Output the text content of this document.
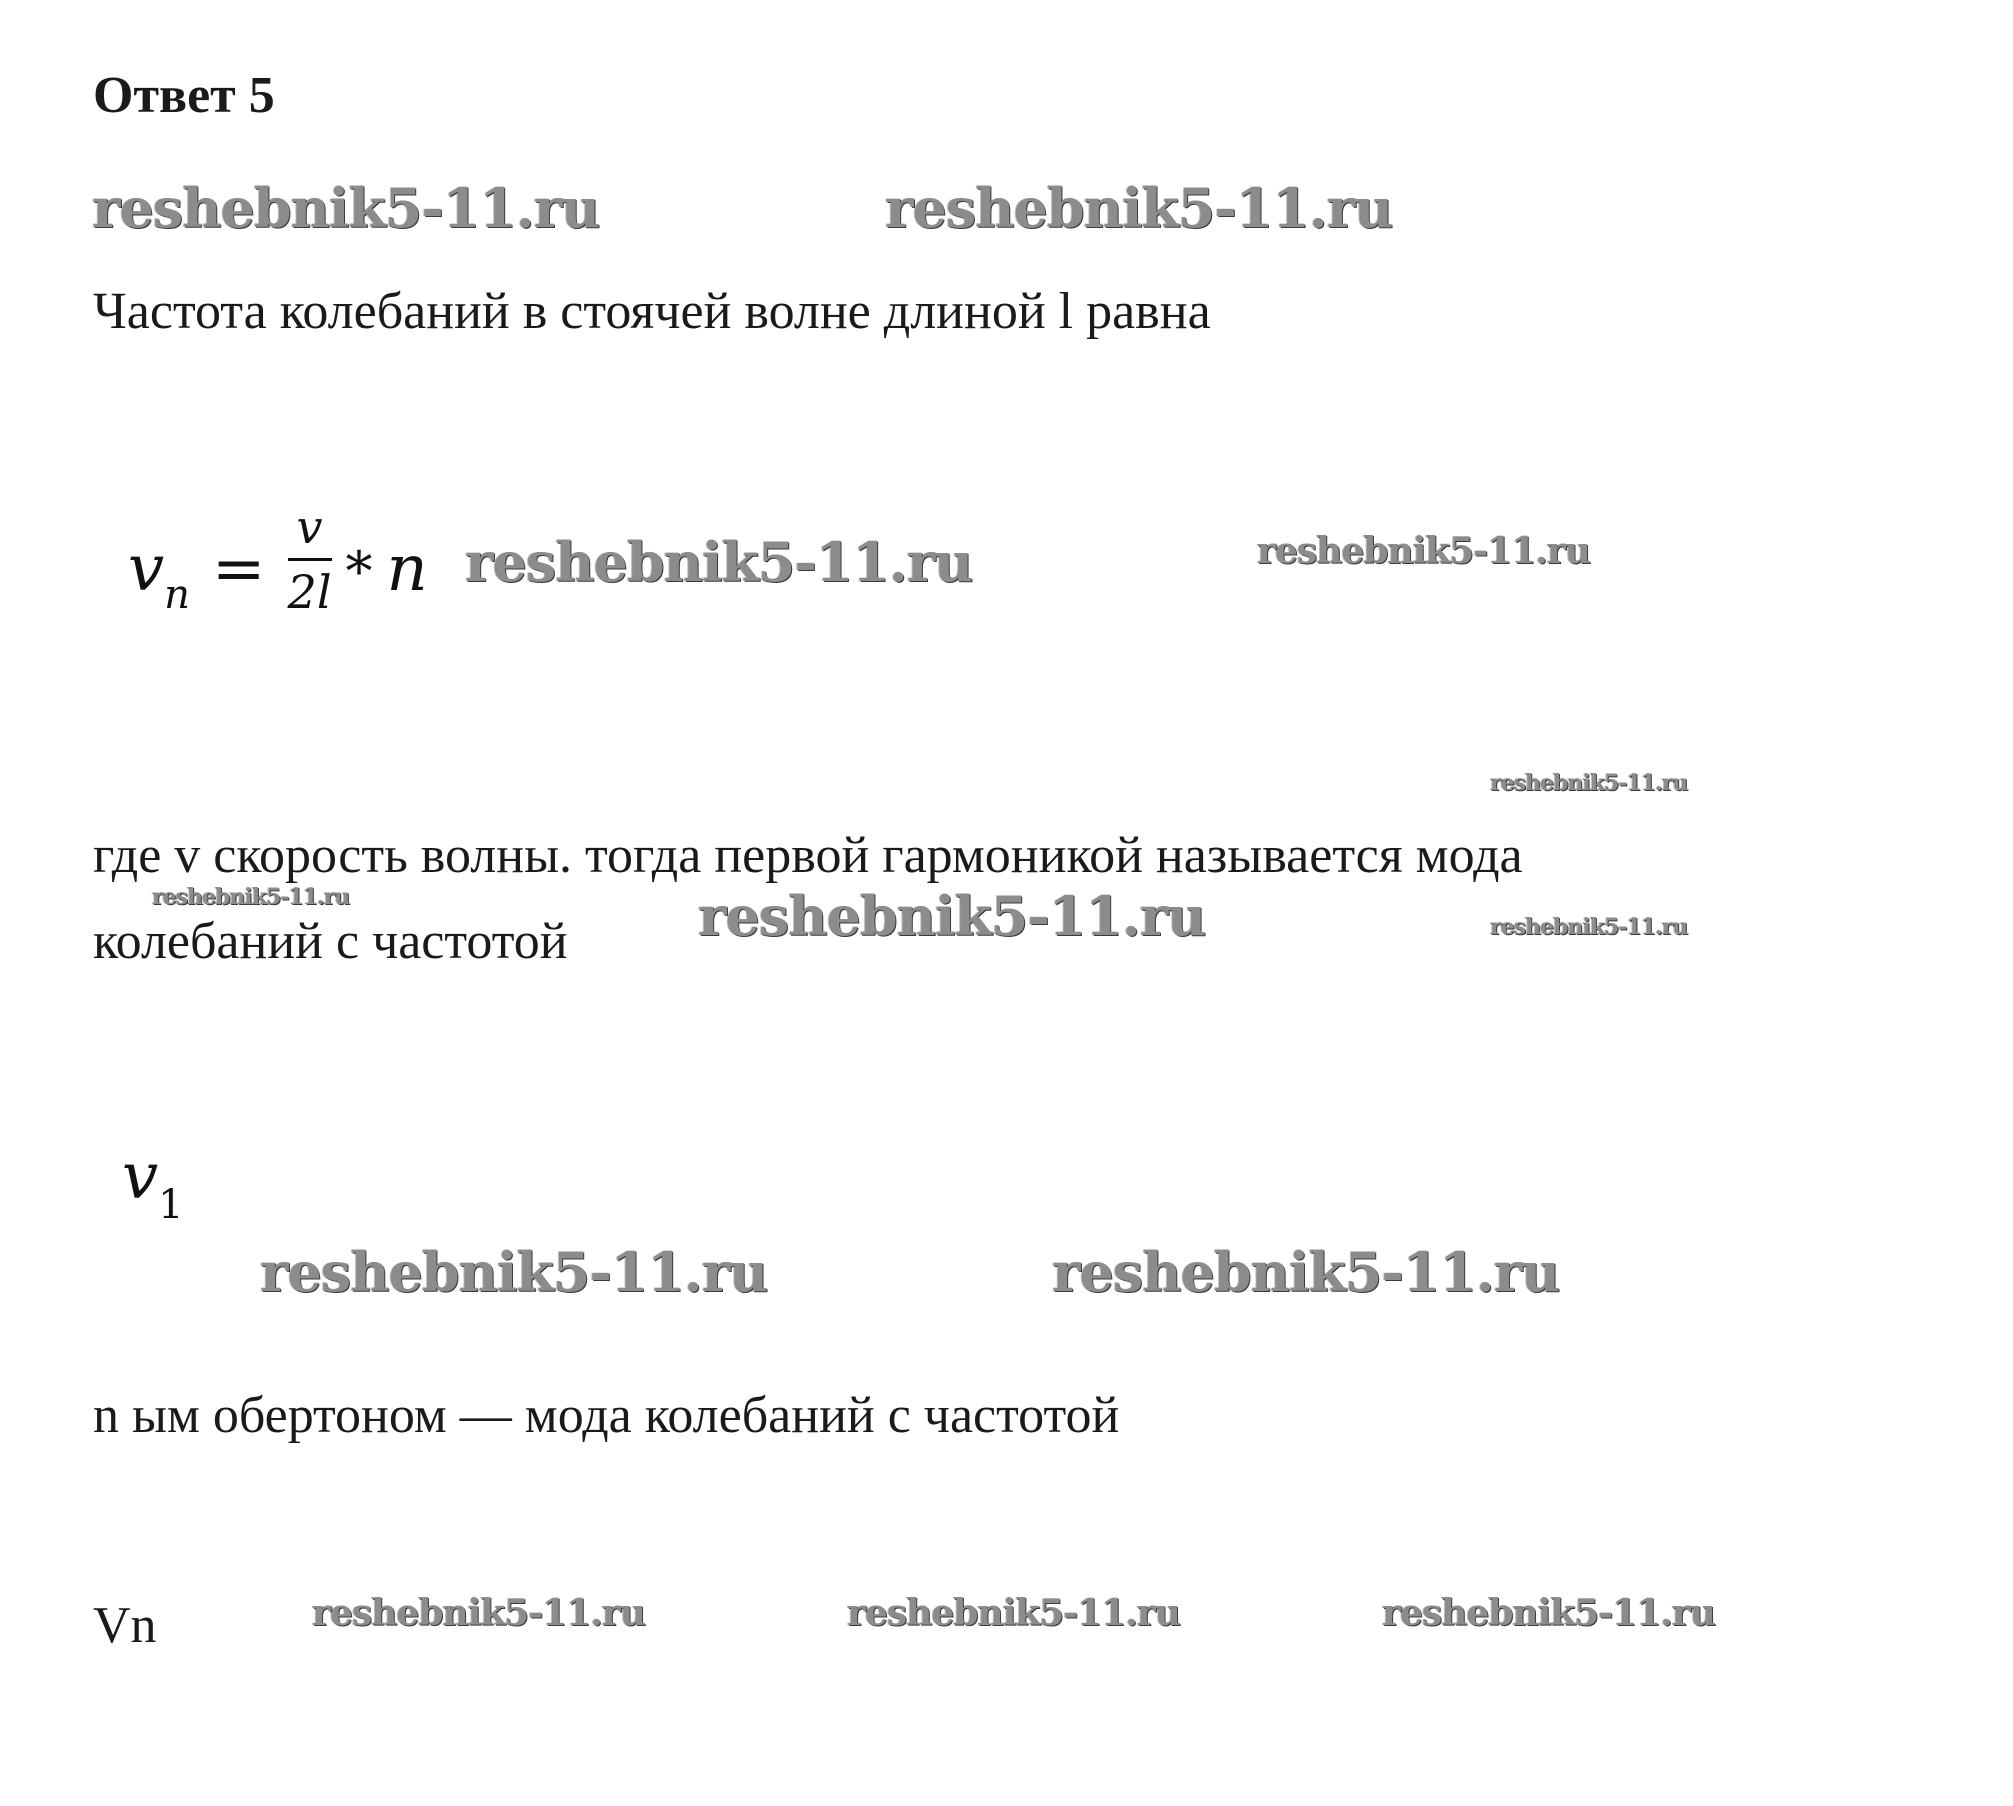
Ответ 5
reshebnik5-11.ru	reshebnik5-11.ru
Частота колебаний в стоячей волне длиной l равна
$v_n = \frac{v}{2l} * n$ reshebnik5-11.ru	reshebnik5-11.ru
reshebnik5-11.ru
где v скорость волны. тогда первой гармоникой называется мода
reshebnik5-11.ru
колебаний с частотой reshebnik5-11.ru	reshebnik5-11.ru
$v_1$
reshebnik5-11.ru	reshebnik5-11.ru
n ым обертоном — мода колебаний с частотой
Vn	reshebnik5-11.ru	reshebnik5-11.ru	reshebnik5-11.ru
